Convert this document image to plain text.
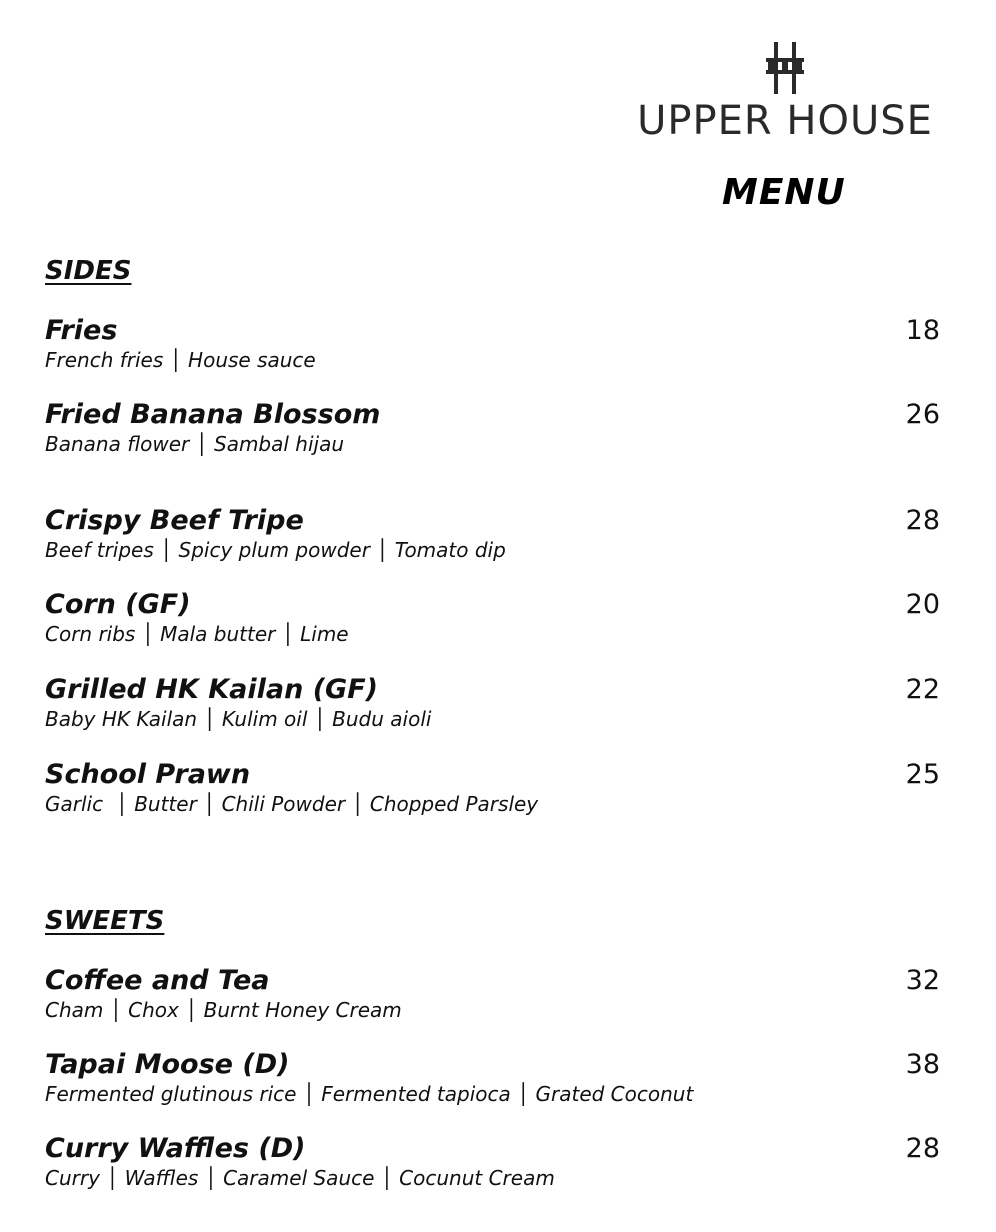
UPPER HOUSE
MENU
SIDES
Fries	18
French fries │ House sauce
Fried Banana Blossom	26
Banana flower │ Sambal hijau
Crispy Beef Tripe	28
Beef tripes │ Spicy plum powder │ Tomato dip
Corn (GF)	20
Corn ribs │ Mala butter │ Lime
Grilled HK Kailan (GF)	22
Baby HK Kailan │ Kulim oil │ Budu aioli
School Prawn	25
Garlic  │ Butter │ Chili Powder │ Chopped Parsley
SWEETS
Coffee and Tea	32
Cham │ Chox │ Burnt Honey Cream
Tapai Moose (D)	38
Fermented glutinous rice │ Fermented tapioca │ Grated Coconut
Curry Waffles (D)	28
Curry │ Waffles │ Caramel Sauce │ Cocunut Cream
